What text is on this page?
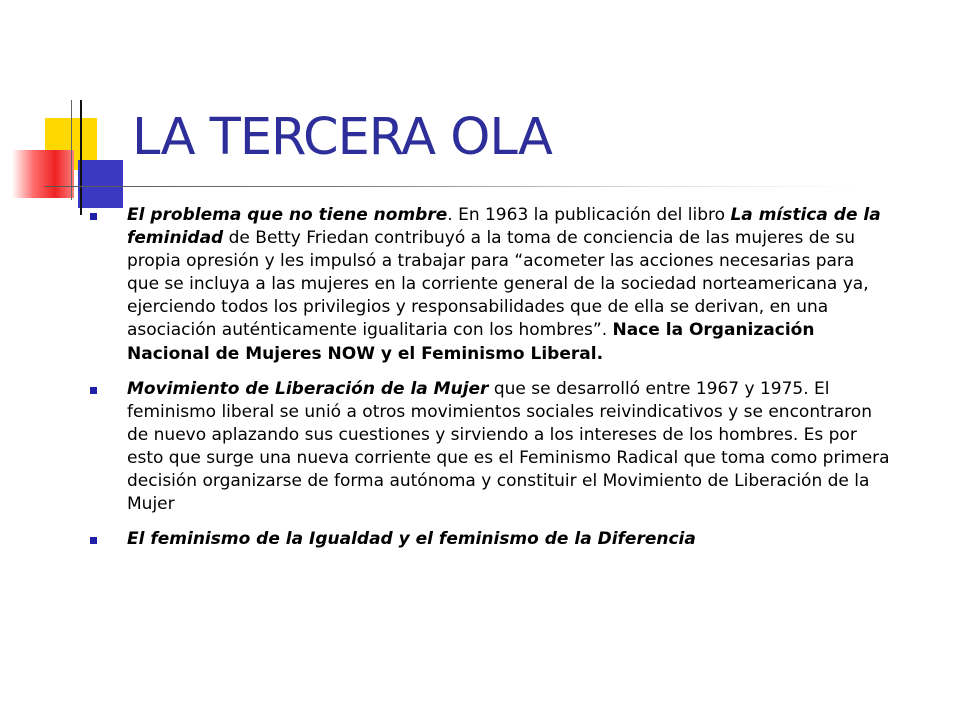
LA TERCERA OLA
El problema que no tiene nombre. En 1963 la publicación del libro La mística de la feminidad de Betty Friedan contribuyó a la toma de conciencia de las mujeres de su propia opresión y les impulsó a trabajar para “acometer las acciones necesarias para que se incluya a las mujeres en la corriente general de la sociedad norteamericana ya, ejerciendo todos los privilegios y responsabilidades que de ella se derivan, en una asociación auténticamente igualitaria con los hombres”. Nace la Organización Nacional de Mujeres NOW y el Feminismo Liberal.
Movimiento de Liberación de la Mujer que se desarrolló entre 1967 y 1975. El feminismo liberal se unió a otros movimientos sociales reivindicativos y se encontraron de nuevo aplazando sus cuestiones y sirviendo a los intereses de los hombres. Es por esto que surge una nueva corriente que es el Feminismo Radical que toma como primera decisión organizarse de forma autónoma y constituir el Movimiento de Liberación de la Mujer
El feminismo de la Igualdad y el feminismo de la Diferencia
